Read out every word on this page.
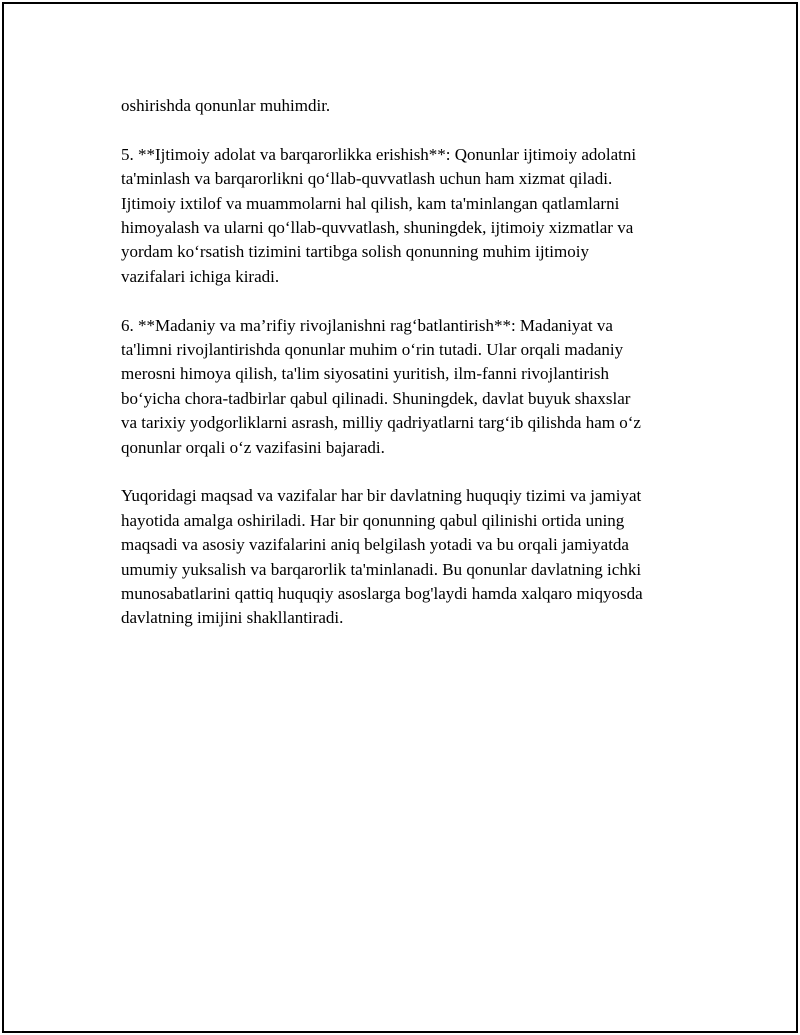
oshirishda qonunlar muhimdir.

5. **Ijtimoiy adolat va barqarorlikka erishish**: Qonunlar ijtimoiy adolatni
ta'minlash va barqarorlikni qo‘llab-quvvatlash uchun ham xizmat qiladi.
Ijtimoiy ixtilof va muammolarni hal qilish, kam ta'minlangan qatlamlarni
himoyalash va ularni qo‘llab-quvvatlash, shuningdek, ijtimoiy xizmatlar va
yordam ko‘rsatish tizimini tartibga solish qonunning muhim ijtimoiy
vazifalari ichiga kiradi.

6. **Madaniy va ma’rifiy rivojlanishni rag‘batlantirish**: Madaniyat va
ta'limni rivojlantirishda qonunlar muhim o‘rin tutadi. Ular orqali madaniy
merosni himoya qilish, ta'lim siyosatini yuritish, ilm-fanni rivojlantirish
bo‘yicha chora-tadbirlar qabul qilinadi. Shuningdek, davlat buyuk shaxslar
va tarixiy yodgorliklarni asrash, milliy qadriyatlarni targ‘ib qilishda ham o‘z
qonunlar orqali o‘z vazifasini bajaradi.

Yuqoridagi maqsad va vazifalar har bir davlatning huquqiy tizimi va jamiyat
hayotida amalga oshiriladi. Har bir qonunning qabul qilinishi ortida uning
maqsadi va asosiy vazifalarini aniq belgilash yotadi va bu orqali jamiyatda
umumiy yuksalish va barqarorlik ta'minlanadi. Bu qonunlar davlatning ichki
munosabatlarini qattiq huquqiy asoslarga bog'laydi hamda xalqaro miqyosda
davlatning imijini shakllantiradi.
